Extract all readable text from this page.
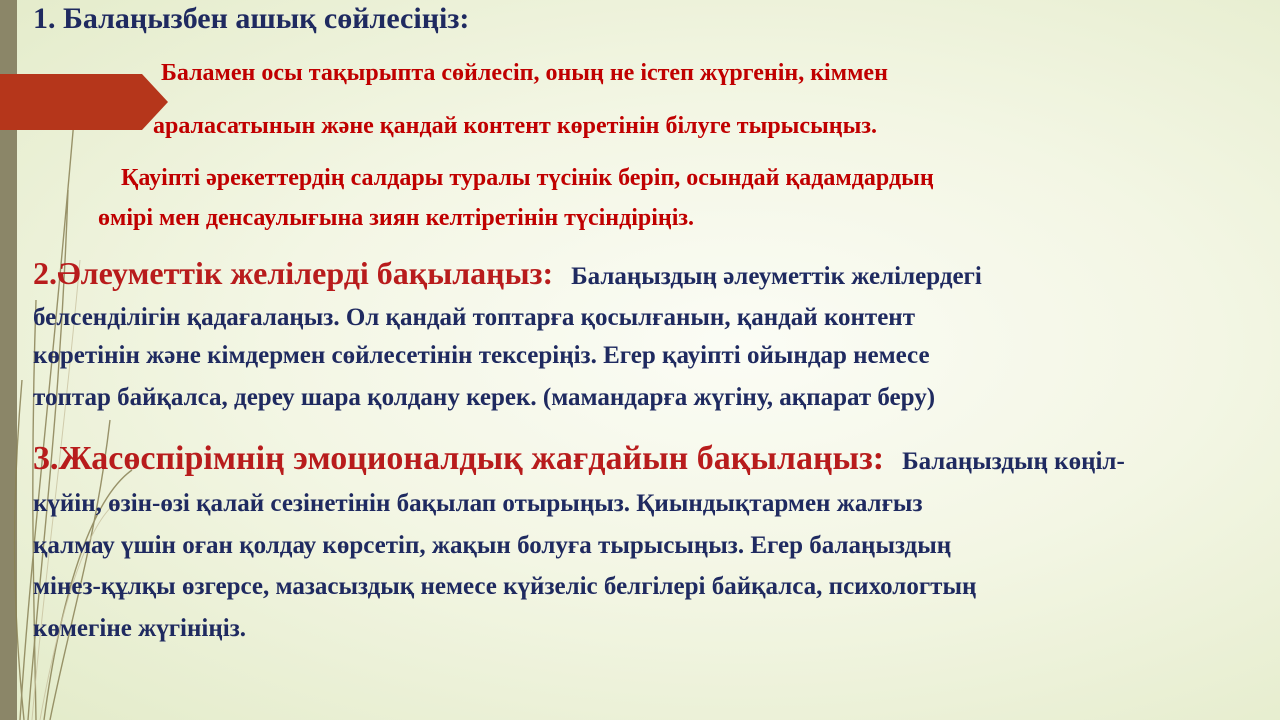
1. Балаңызбен ашық сөйлесіңіз:

Баламен осы тақырыпта сөйлесіп, оның не істеп жүргенін, кіммен

араласатынын және қандай контент көретінін білуге тырысыңыз.

Қауіпті әрекеттердің салдары туралы түсінік беріп, осындай қадамдардың

өмірі мен денсаулығына зиян келтіретінін түсіндіріңіз.

2.Әлеуметтік желілерді бақылаңыз: Балаңыздың әлеуметтік желілердегі

белсенділігін қадағалаңыз. Ол қандай топтарға қосылғанын, қандай контент

көретінін және кімдермен сөйлесетінін тексеріңіз. Егер қауіпті ойындар немесе

топтар байқалса, дереу шара қолдану керек. (мамандарға жүгіну, ақпарат беру)

3.Жасөспірімнің эмоционалдық жағдайын бақылаңыз: Балаңыздың көңіл-

күйін, өзін-өзі қалай сезінетінін бақылап отырыңыз. Қиындықтармен жалғыз

қалмау үшін оған қолдау көрсетіп, жақын болуға тырысыңыз. Егер балаңыздың

мінез-құлқы өзгерсе, мазасыздық немесе күйзеліс белгілері байқалса, психологтың

көмегіне жүгініңіз.
